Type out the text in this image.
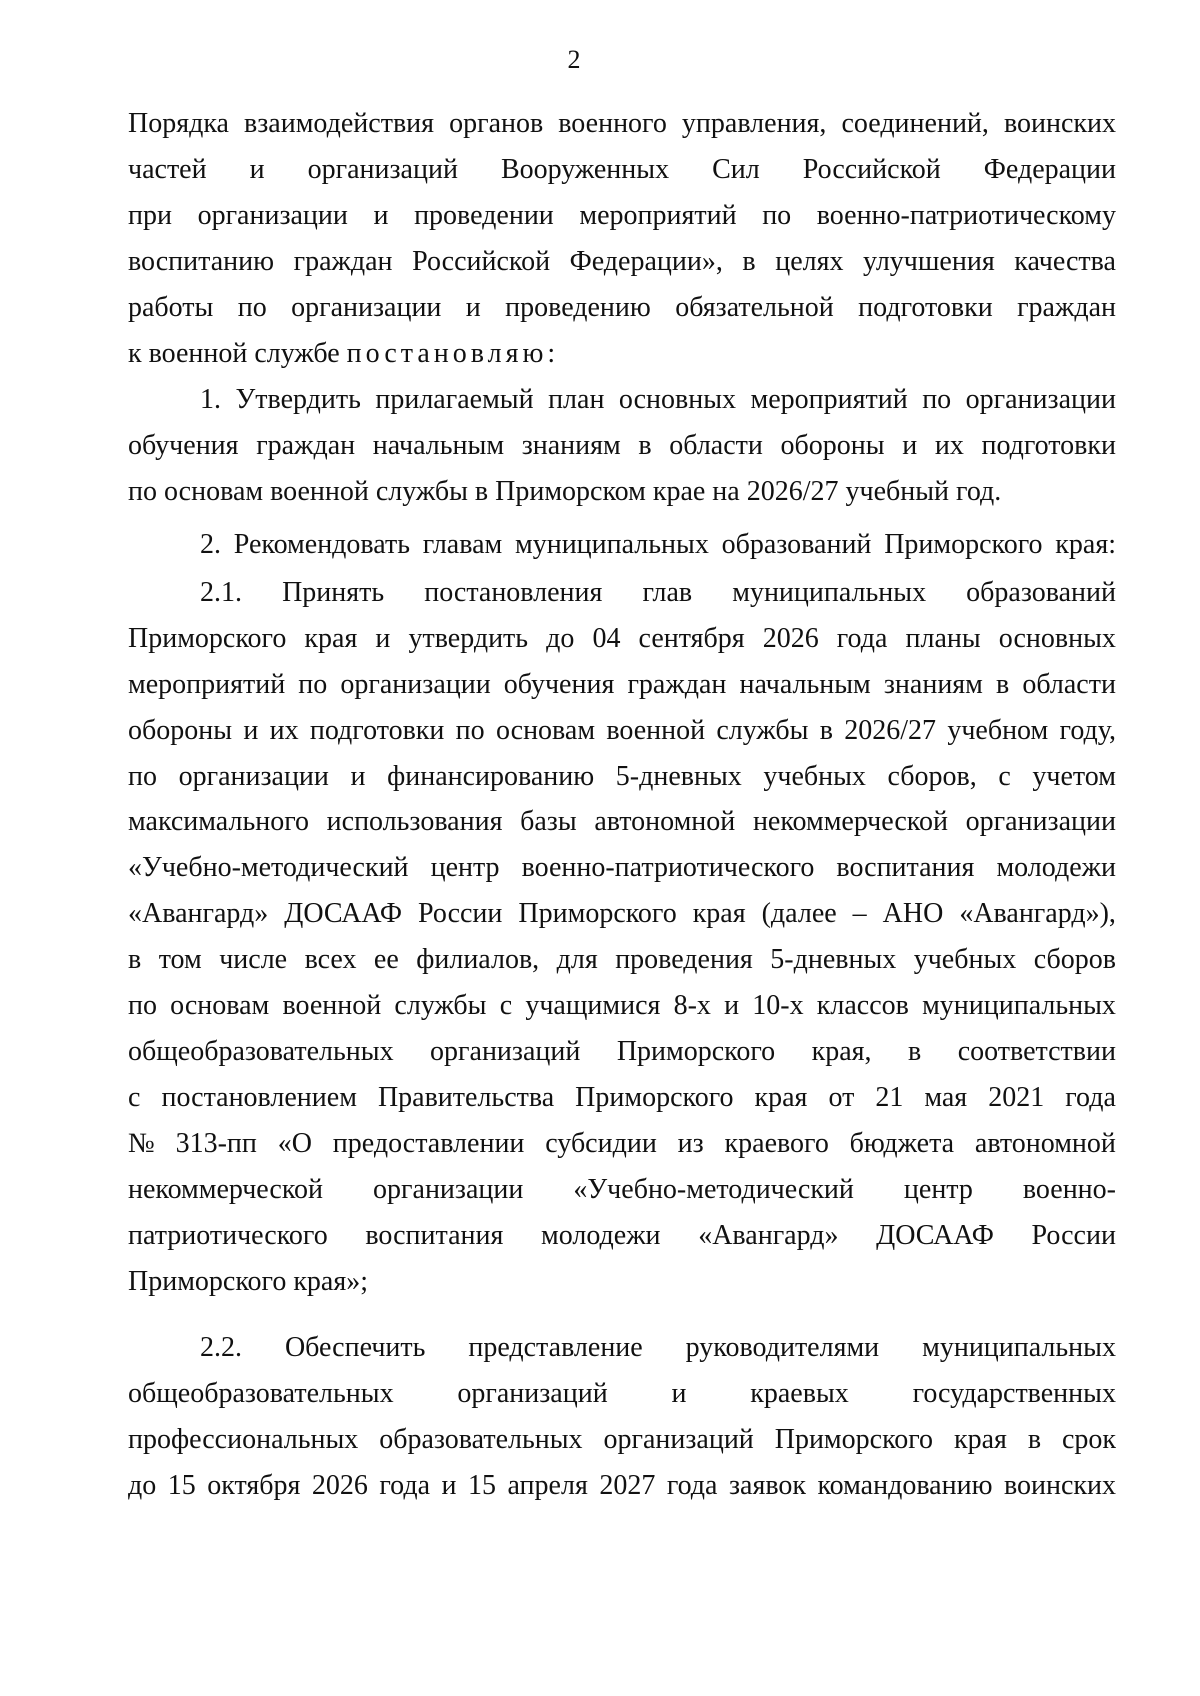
2
Порядка взаимодействия органов военного управления, соединений, воинских
частей и организаций Вооруженных Сил Российской Федерации
при организации и проведении мероприятий по военно-патриотическому
воспитанию граждан Российской Федерации», в целях улучшения качества
работы по организации и проведению обязательной подготовки граждан
к военной службе постановляю:
1. Утвердить прилагаемый план основных мероприятий по организации
обучения граждан начальным знаниям в области обороны и их подготовки
по основам военной службы в Приморском крае на 2026/27 учебный год.
2. Рекомендовать главам муниципальных образований Приморского края:
2.1. Принять постановления глав муниципальных образований
Приморского края и утвердить до 04 сентября 2026 года планы основных
мероприятий по организации обучения граждан начальным знаниям в области
обороны и их подготовки по основам военной службы в 2026/27 учебном году,
по организации и финансированию 5-дневных учебных сборов, с учетом
максимального использования базы автономной некоммерческой организации
«Учебно-методический центр военно-патриотического воспитания молодежи
«Авангард» ДОСААФ России Приморского края (далее – АНО «Авангард»),
в том числе всех ее филиалов, для проведения 5-дневных учебных сборов
по основам военной службы с учащимися 8-х и 10-х классов муниципальных
общеобразовательных организаций Приморского края, в соответствии
с постановлением Правительства Приморского края от 21 мая 2021 года
№ 313-пп «О предоставлении субсидии из краевого бюджета автономной
некоммерческой организации «Учебно-методический центр военно-
патриотического воспитания молодежи «Авангард» ДОСААФ России
Приморского края»;
2.2. Обеспечить представление руководителями муниципальных
общеобразовательных организаций и краевых государственных
профессиональных образовательных организаций Приморского края в срок
до 15 октября 2026 года и 15 апреля 2027 года заявок командованию воинских
